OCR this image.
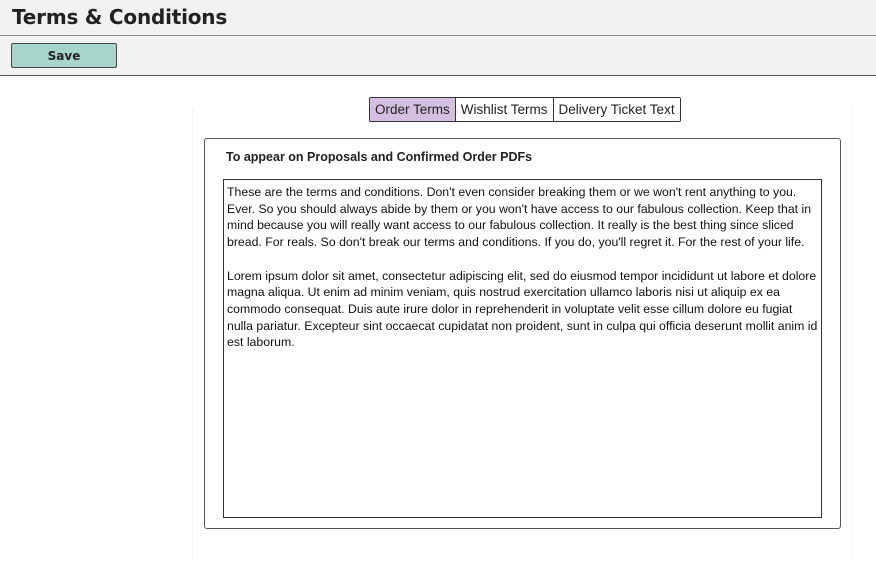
Terms & Conditions
Save
Order Terms Wishlist Terms Delivery Ticket Text
To appear on Proposals and Confirmed Order PDFs

These are the terms and conditions. Don't even consider breaking them or we won't rent anything to you. Ever. So you should always abide by them or you won't have access to our fabulous collection. Keep that in mind because you will really want access to our fabulous collection. It really is the best thing since sliced bread. For reals. So don't break our terms and conditions. If you do, you'll regret it. For the rest of your life.

Lorem ipsum dolor sit amet, consectetur adipiscing elit, sed do eiusmod tempor incididunt ut labore et dolore magna aliqua. Ut enim ad minim veniam, quis nostrud exercitation ullamco laboris nisi ut aliquip ex ea commodo consequat. Duis aute irure dolor in reprehenderit in voluptate velit esse cillum dolore eu fugiat nulla pariatur. Excepteur sint occaecat cupidatat non proident, sunt in culpa qui officia deserunt mollit anim id est laborum.
